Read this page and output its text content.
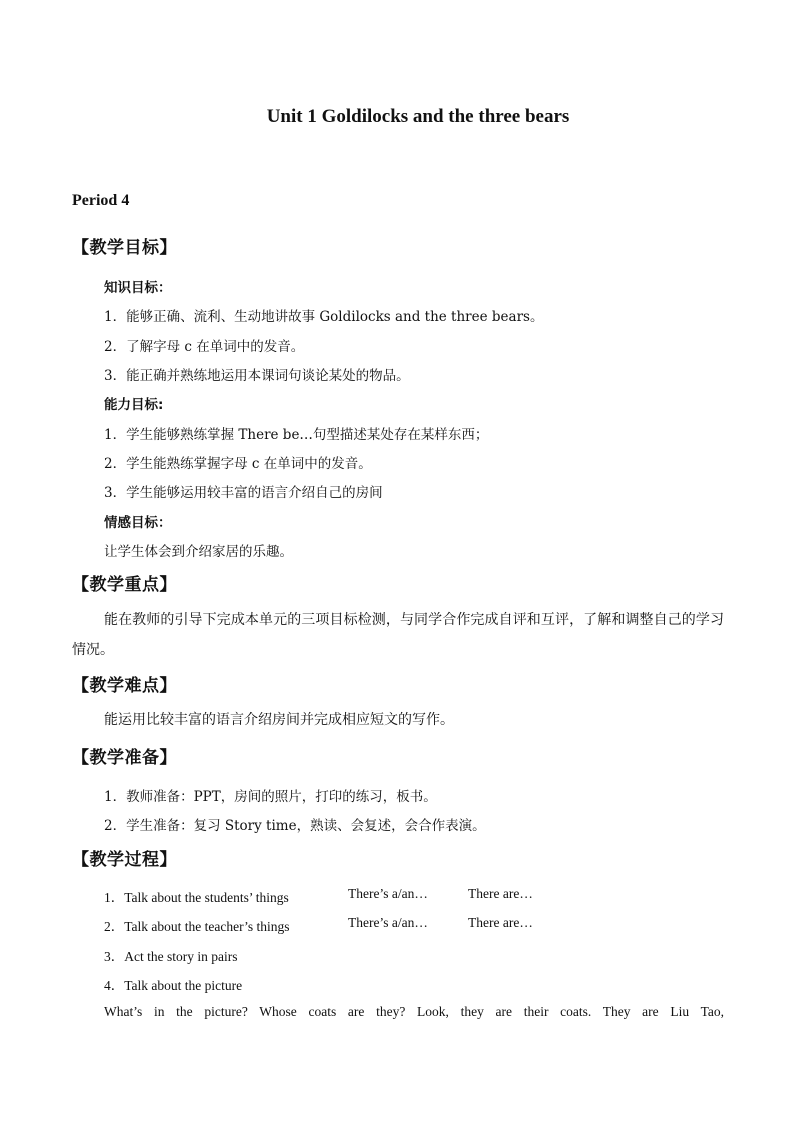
Unit 1 Goldilocks and the three bears

Period 4

【教学目标】

知识目标：

1．能够正确、流利、生动地讲故事 Goldilocks and the three bears。

2．了解字母 c 在单词中的发音。

3．能正确并熟练地运用本课词句谈论某处的物品。

能力目标:

1．学生能够熟练掌握 There be…句型描述某处存在某样东西；

2．学生能熟练掌握字母 c 在单词中的发音。

3．学生能够运用较丰富的语言介绍自己的房间

情感目标：

让学生体会到介绍家居的乐趣。

【教学重点】

能在教师的引导下完成本单元的三项目标检测，与同学合作完成自评和互评，了解和调整自己的学习情况。

【教学难点】

能运用比较丰富的语言介绍房间并完成相应短文的写作。

【教学准备】

1．教师准备：PPT，房间的照片，打印的练习，板书。

2．学生准备：复习 Story time，熟读、会复述，会合作表演。

【教学过程】

1．Talk about the students’ things	There’s a/an…	There are…

2．Talk about the teacher’s things	There’s a/an…	There are…

3．Act the story in pairs

4．Talk about the picture

What’s in the picture? Whose coats are they? Look, they are their coats. They are Liu Tao,
